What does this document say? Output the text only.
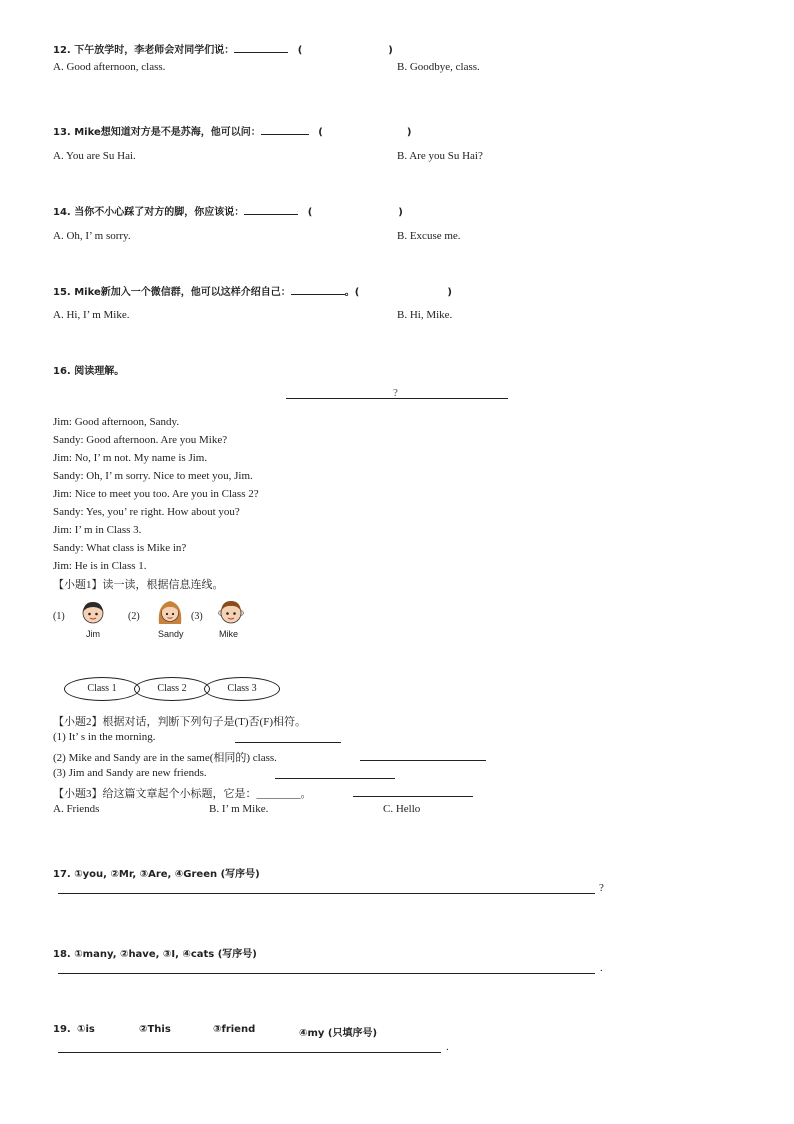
12. 下午放学时，李老师会对同学们说：	(	)
A. Good afternoon, class.	B. Goodbye, class.
13. Mike想知道对方是不是苏海，他可以问：	(	)
A. You are Su Hai.	B. Are you Su Hai?
14. 当你不小心踩了对方的脚，你应该说：	(	)
A. Oh, I’ m sorry.	B. Excuse me.
15. Mike新加入一个微信群，他可以这样介绍自己：	。(	)
A. Hi, I’ m Mike.	B. Hi, Mike.
16. 阅读理解。
?
Jim: Good afternoon, Sandy.
Sandy: Good afternoon. Are you Mike?
Jim: No, I’ m not. My name is Jim.
Sandy: Oh, I’ m sorry. Nice to meet you, Jim.
Jim: Nice to meet you too. Are you in Class 2?
Sandy: Yes, you’ re right. How about you?
Jim: I’ m in Class 3.
Sandy: What class is Mike in?
Jim: He is in Class 1.
【小题1】读一读，根据信息连线。
(1)
Jim
(2)
Sandy
(3)
Mike
Class 1	Class 2	Class 3
【小题2】根据对话，判断下列句子是(T)否(F)相符。
(1) It’ s in the morning.
(2) Mike and Sandy are in the same(相同的) class.
(3) Jim and Sandy are new friends.
【小题3】给这篇文章起个小标题，它是：________。
A. Friends	B. I’ m Mike.	C. Hello
17. ①you, ②Mr, ③Are, ④Green (写序号)
?
18. ①many, ②have, ③I, ④cats (写序号)
.
19. ①is	②This	③friend	④my (只填序号)
.
